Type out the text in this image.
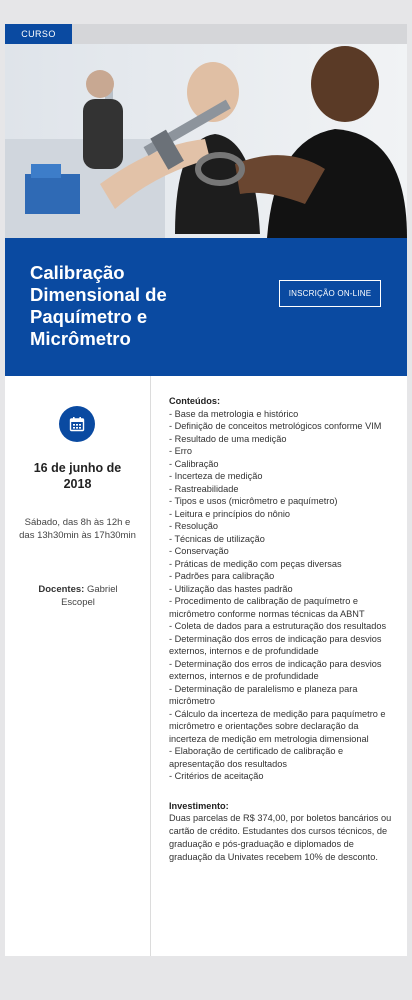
CURSO
Calibração Dimensional de Paquímetro e Micrômetro
INSCRIÇÃO ON-LINE
16 de junho de 2018
Sábado, das 8h às 12h e das 13h30min às 17h30min
Docentes: Gabriel Escopel
Conteúdos:
- Base da metrologia e histórico
- Definição de conceitos metrológicos conforme VIM
- Resultado de uma medição
- Erro
- Calibração
- Incerteza de medição
- Rastreabilidade
- Tipos e usos (micrômetro e paquímetro)
- Leitura e princípios do nônio
- Resolução
- Técnicas de utilização
- Conservação
- Práticas de medição com peças diversas
- Padrões para calibração
- Utilização das hastes padrão
- Procedimento de calibração de paquímetro e micrômetro conforme normas técnicas da ABNT
- Coleta de dados para a estruturação dos resultados
- Determinação dos erros de indicação para desvios externos, internos e de profundidade
- Determinação dos erros de indicação para desvios externos, internos e de profundidade
- Determinação de paralelismo e planeza para micrômetro
- Cálculo da incerteza de medição para paquímetro e micrômetro e orientações sobre declaração da incerteza de medição em metrologia dimensional
- Elaboração de certificado de calibração e apresentação dos resultados
- Critérios de aceitação
Investimento:
Duas parcelas de R$ 374,00, por boletos bancários ou cartão de crédito. Estudantes dos cursos técnicos, de graduação e pós-graduação e diplomados de graduação da Univates recebem 10% de desconto.
